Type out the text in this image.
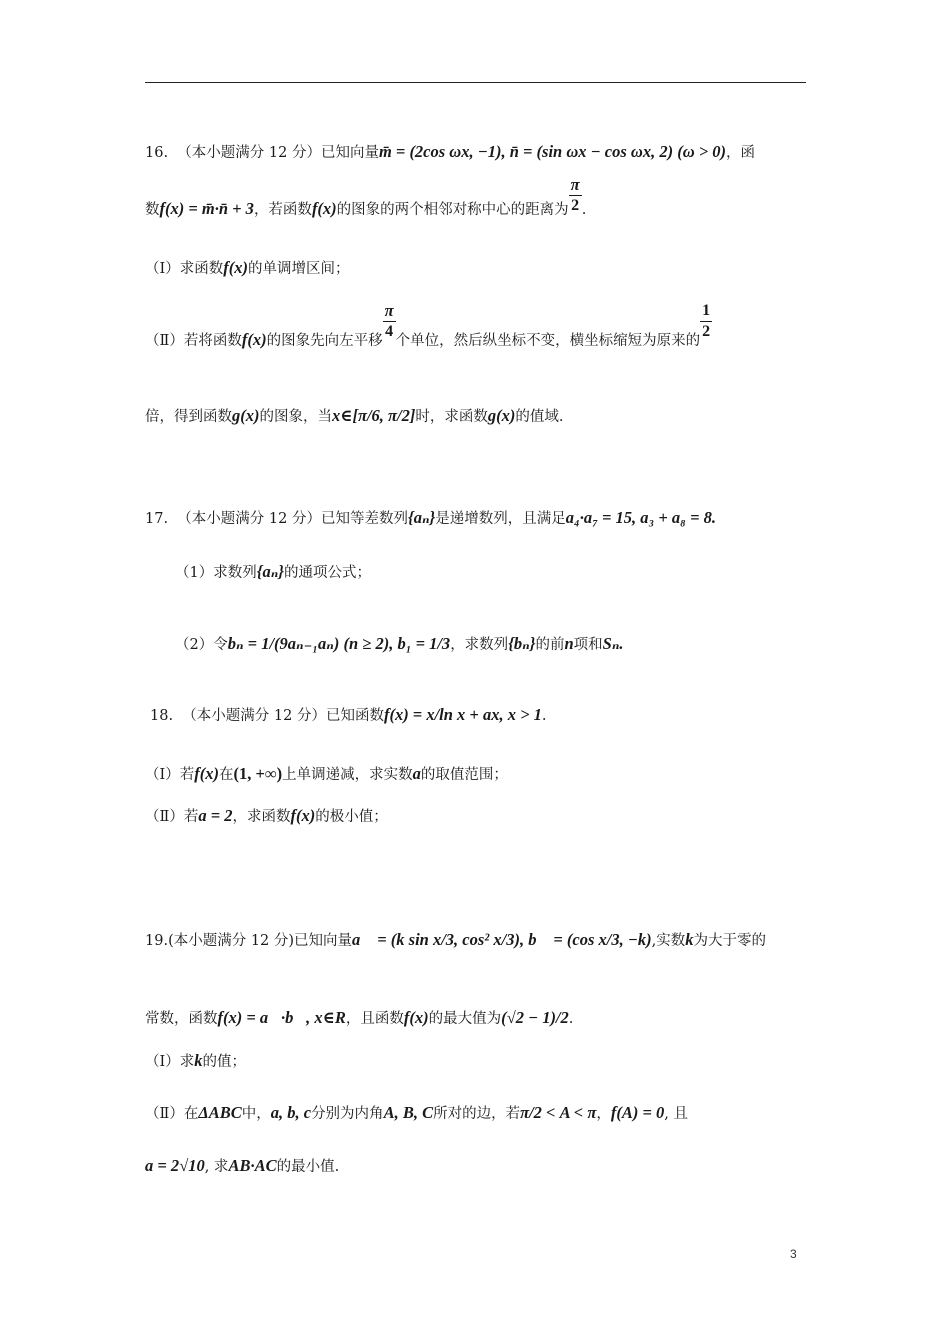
16. （本小题满分 12 分）已知向量m̄ = (2cos ωx, −1), n̄ = (sin ωx − cos ωx, 2) (ω > 0)，函
数f(x) = m̄·n̄ + 3，若函数f(x)的图象的两个相邻对称中心的距离为 $\frac{\pi}{2}$ .
（Ⅰ）求函数f(x)的单调增区间；
（Ⅱ）若将函数f(x)的图象先向左平移
$\frac{\pi}{4}$
个单位，然后纵坐标不变，横坐标缩短为原来的
$\frac{1}{2}$
倍，得到函数g(x)的图象，当x∈[π/6, π/2]时，求函数g(x)的值域.
17. （本小题满分 12 分）已知等差数列{aₙ}是递增数列，且满足a₄·a₇ = 15, a₃ + a₈ = 8.
（1）求数列{aₙ}的通项公式；
（2）令bₙ = 1/(9aₙ₋₁aₙ) (n ≥ 2), b₁ = 1/3，求数列{bₙ}的前n项和Sₙ.
18. （本小题满分 12 分）已知函数f(x) = x/ln x + ax, x > 1.
（Ⅰ）若f(x)在(1, +∞)上单调递减，求实数a的取值范围；
（Ⅱ）若a = 2，求函数f(x)的极小值；
19.(本小题满分 12 分)已知向量a⃗ = (k sin x/3, cos² x/3), b⃗ = (cos x/3, −k),实数k为大于零的
常数，函数f(x) = a⃗·b⃗, x∈R，且函数f(x)的最大值为(√2 − 1)/2.
（Ⅰ）求k的值；
（Ⅱ）在ΔABC中，a, b, c分别为内角A, B, C所对的边，若π/2 < A < π，f(A) = 0, 且
a = 2√10, 求AB·AC的最小值.
3
